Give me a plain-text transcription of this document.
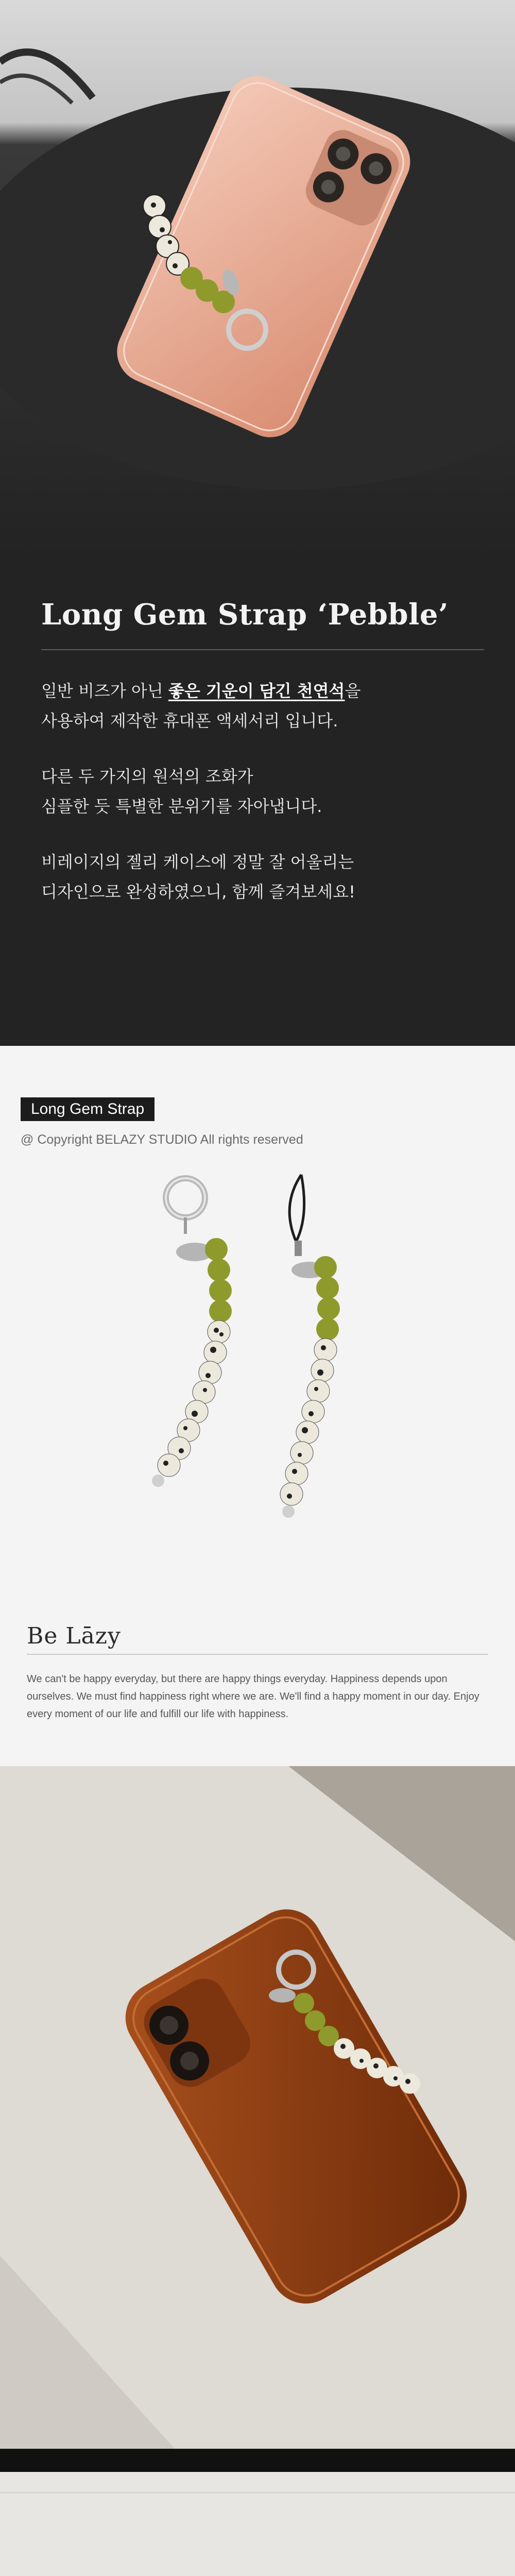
Long Gem Strap ‘Pebble’

일반 비즈가 아닌 좋은 기운이 담긴 천연석을
사용하여 제작한 휴대폰 액세서리 입니다.

다른 두 가지의 원석의 조화가
심플한 듯 특별한 분위기를 자아냅니다.

비레이지의 젤리 케이스에 정말 잘 어울리는
디자인으로 완성하였으니, 함께 즐겨보세요!

Long Gem Strap
@ Copyright BELAZY STUDIO All rights reserved
Be Lāzy
We can't be happy everyday, but there are happy things everyday. Happiness depends upon ourselves. We must find happiness right where we are. We'll find a happy moment in our day. Enjoy every moment of our life and fulfill our life with happiness.
